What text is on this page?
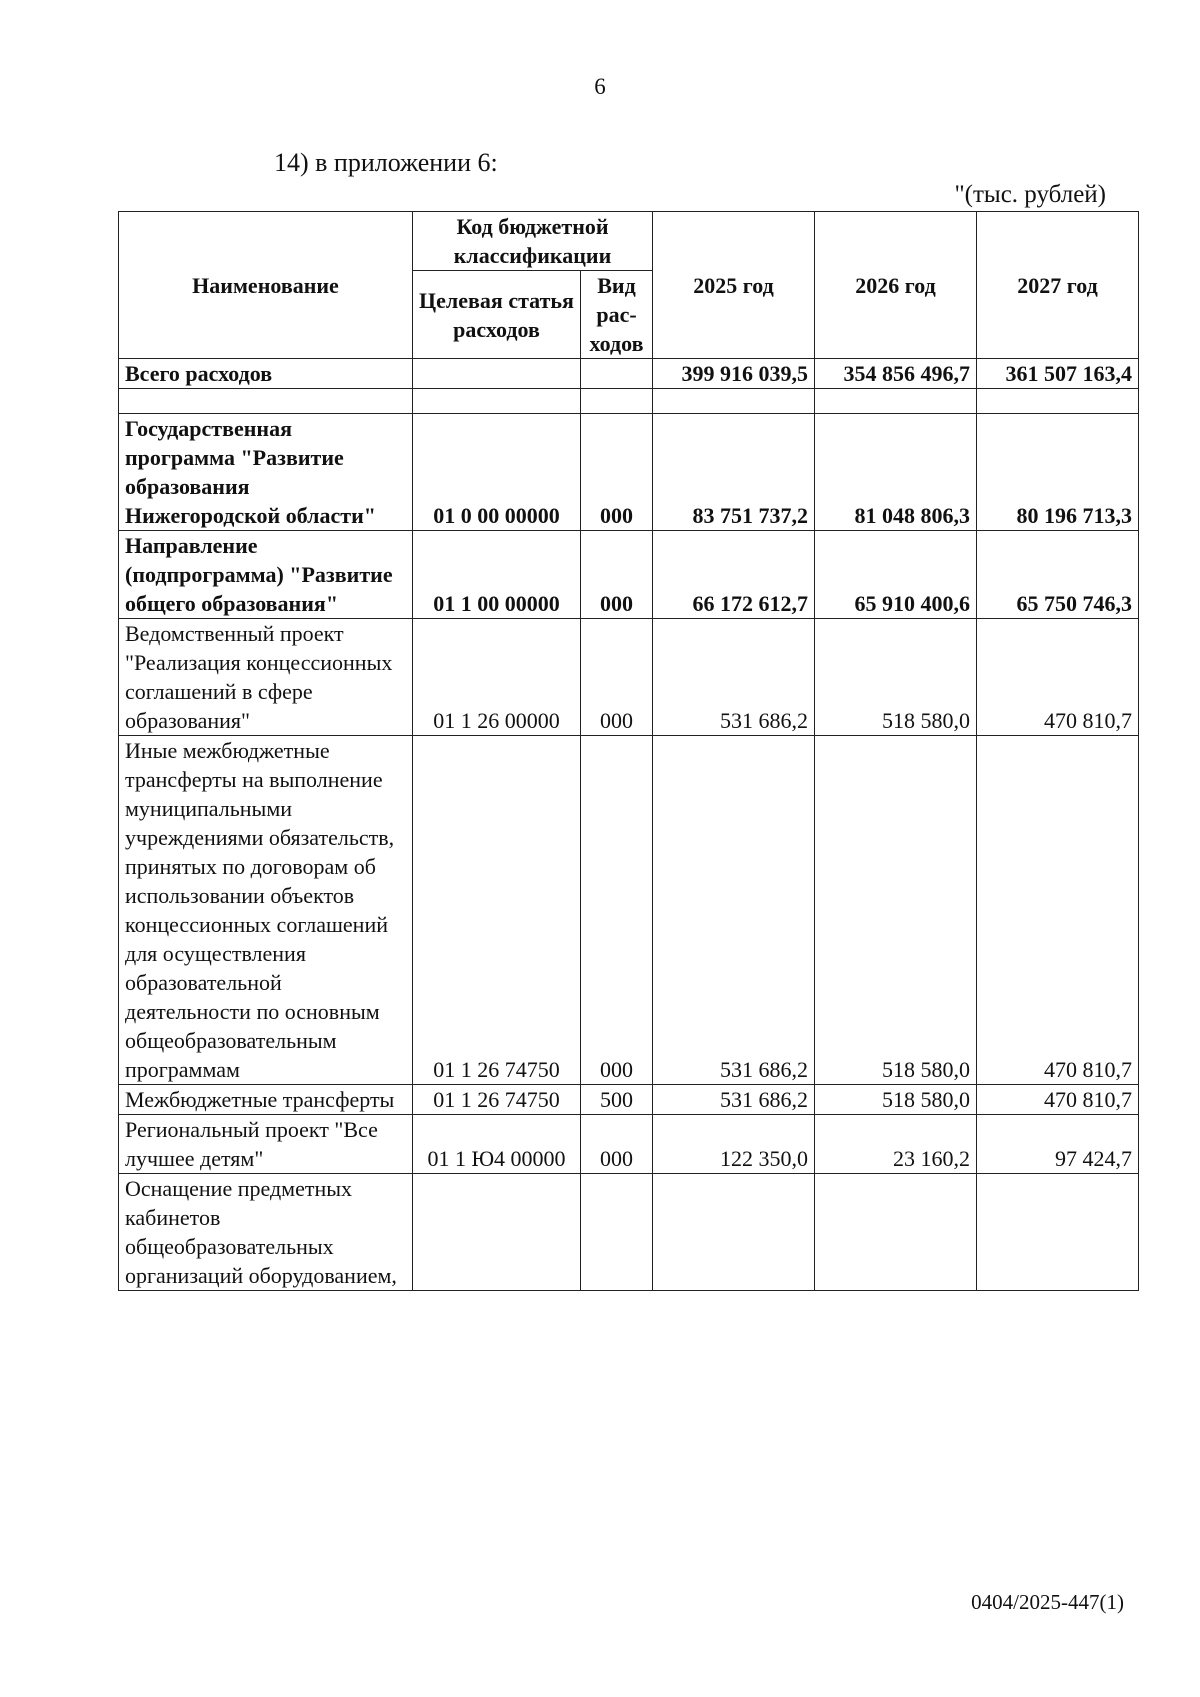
6
14) в приложении 6:
"(тыс. рублей)
Наименование	Код бюджетной классификации		2025 год	2026 год	2027 год
	Целевая статья расходов	Вид рас-ходов			
Всего расходов			399 916 039,5	354 856 496,7	361 507 163,4

Государственная программа "Развитие образования Нижегородской области"	01 0 00 00000	000	83 751 737,2	81 048 806,3	80 196 713,3
Направление (подпрограмма) "Развитие общего образования"	01 1 00 00000	000	66 172 612,7	65 910 400,6	65 750 746,3
Ведомственный проект "Реализация концессионных соглашений в сфере образования"	01 1 26 00000	000	531 686,2	518 580,0	470 810,7
Иные межбюджетные трансферты на выполнение муниципальными учреждениями обязательств, принятых по договорам об использовании объектов концессионных соглашений для осуществления образовательной деятельности по основным общеобразовательным программам	01 1 26 74750	000	531 686,2	518 580,0	470 810,7
Межбюджетные трансферты	01 1 26 74750	500	531 686,2	518 580,0	470 810,7
Региональный проект "Все лучшее детям"	01 1 Ю4 00000	000	122 350,0	23 160,2	97 424,7
Оснащение предметных кабинетов общеобразовательных организаций оборудованием,					
0404/2025-447(1)
